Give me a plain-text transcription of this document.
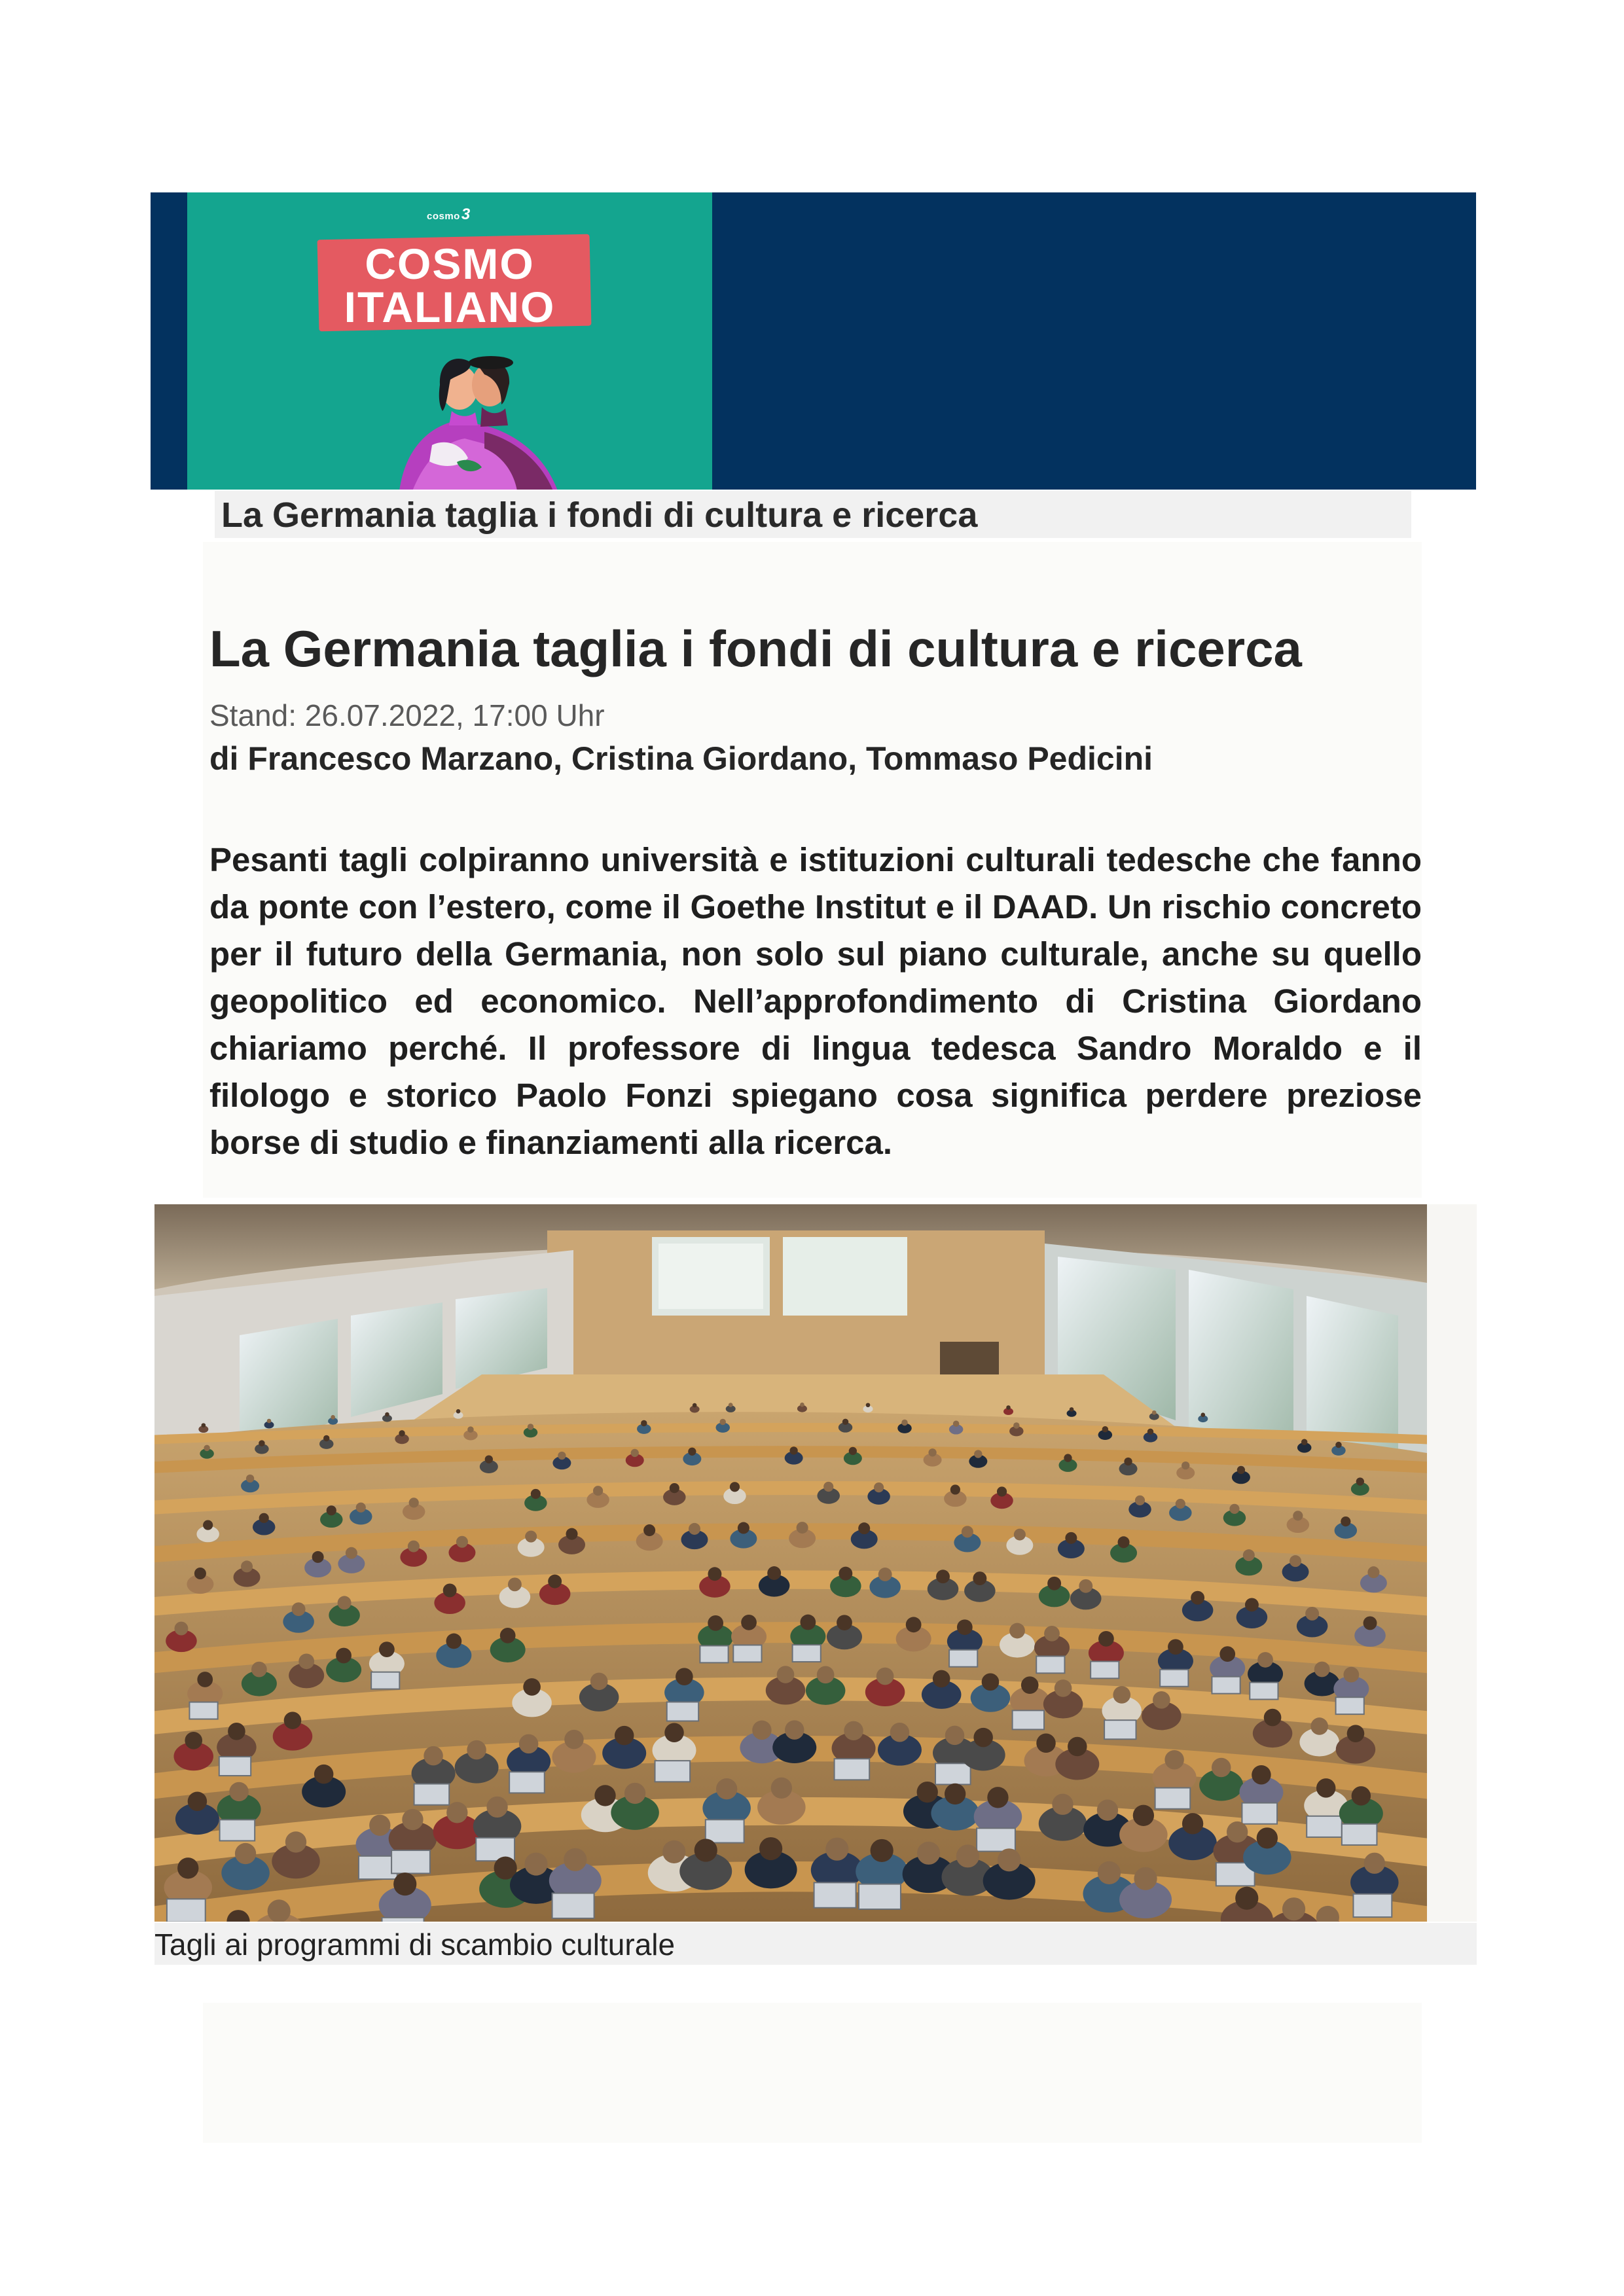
cosmo3
COSMO
ITALIANO
La Germania taglia i fondi di cultura e ricerca
La Germania taglia i fondi di cultura e ricerca
Stand: 26.07.2022, 17:00 Uhr
di Francesco Marzano, Cristina Giordano, Tommaso Pedicini
Pesanti tagli colpiranno università e istituzioni culturali tedesche che fanno da ponte con l’estero, come il Goethe Institut e il DAAD. Un rischio concreto per il futuro della Germania, non solo sul piano culturale, anche su quello geopolitico ed economico. Nell’approfondimento di Cristina Giordano chiariamo perché. Il professore di lingua tedesca Sandro Moraldo e il filologo e storico Paolo Fonzi spiegano cosa significa perdere preziose borse di studio e finanziamenti alla ricerca.
Tagli ai programmi di scambio culturale
